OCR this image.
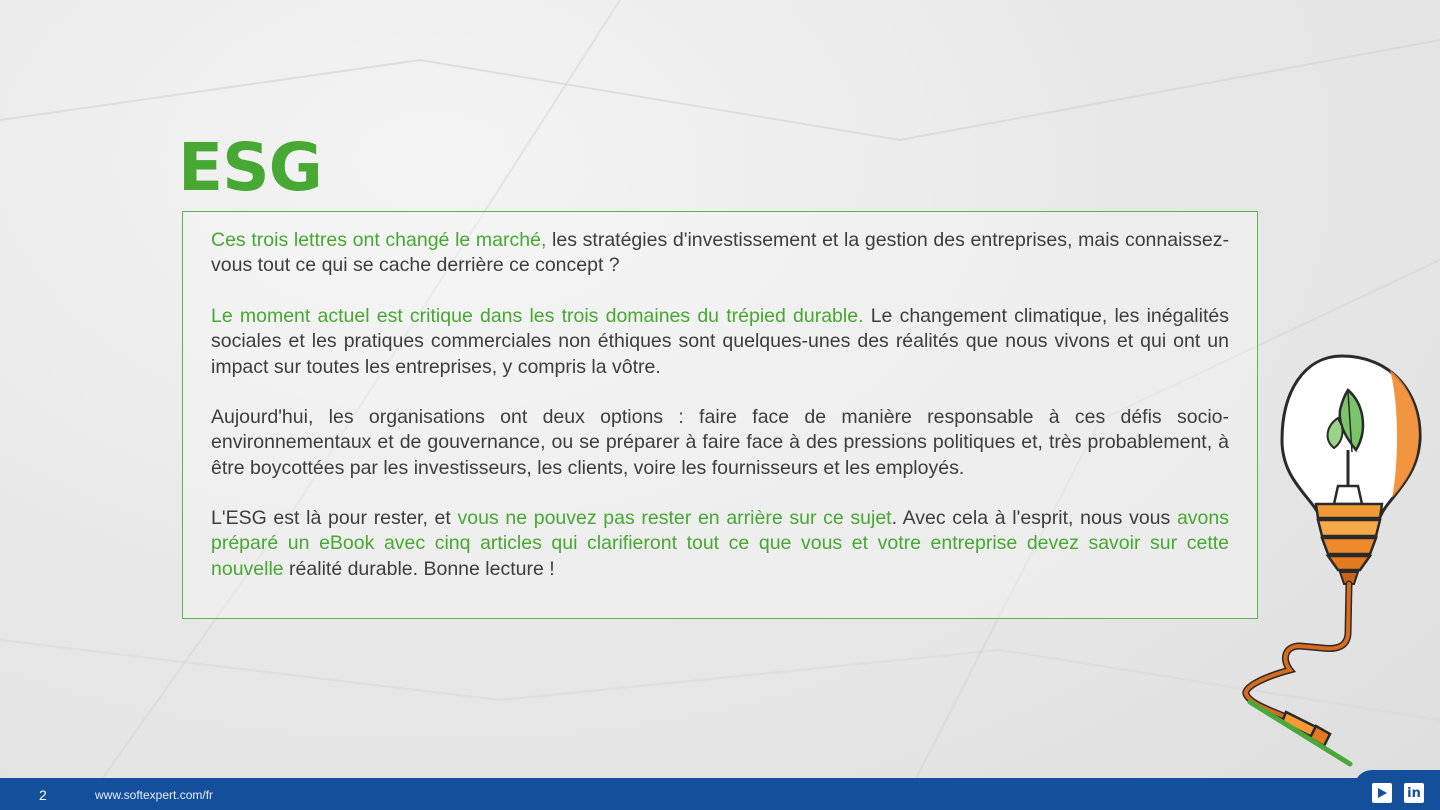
ESG

Ces trois lettres ont changé le marché, les stratégies d'investissement et la gestion des entreprises, mais connaissez-vous tout ce qui se cache derrière ce concept ?

Le moment actuel est critique dans les trois domaines du trépied durable. Le changement climatique, les inégalités sociales et les pratiques commerciales non éthiques sont quelques-unes des réalités que nous vivons et qui ont un impact sur toutes les entreprises, y compris la vôtre.

Aujourd'hui, les organisations ont deux options : faire face de manière responsable à ces défis socio-environnementaux et de gouvernance, ou se préparer à faire face à des pressions politiques et, très probablement, à être boycottées par les investisseurs, les clients, voire les fournisseurs et les employés.

L'ESG est là pour rester, et vous ne pouvez pas rester en arrière sur ce sujet. Avec cela à l'esprit, nous vous avons préparé un eBook avec cinq articles qui clarifieront tout ce que vous et votre entreprise devez savoir sur cette nouvelle réalité durable. Bonne lecture !

2	www.softexpert.com/fr	in
